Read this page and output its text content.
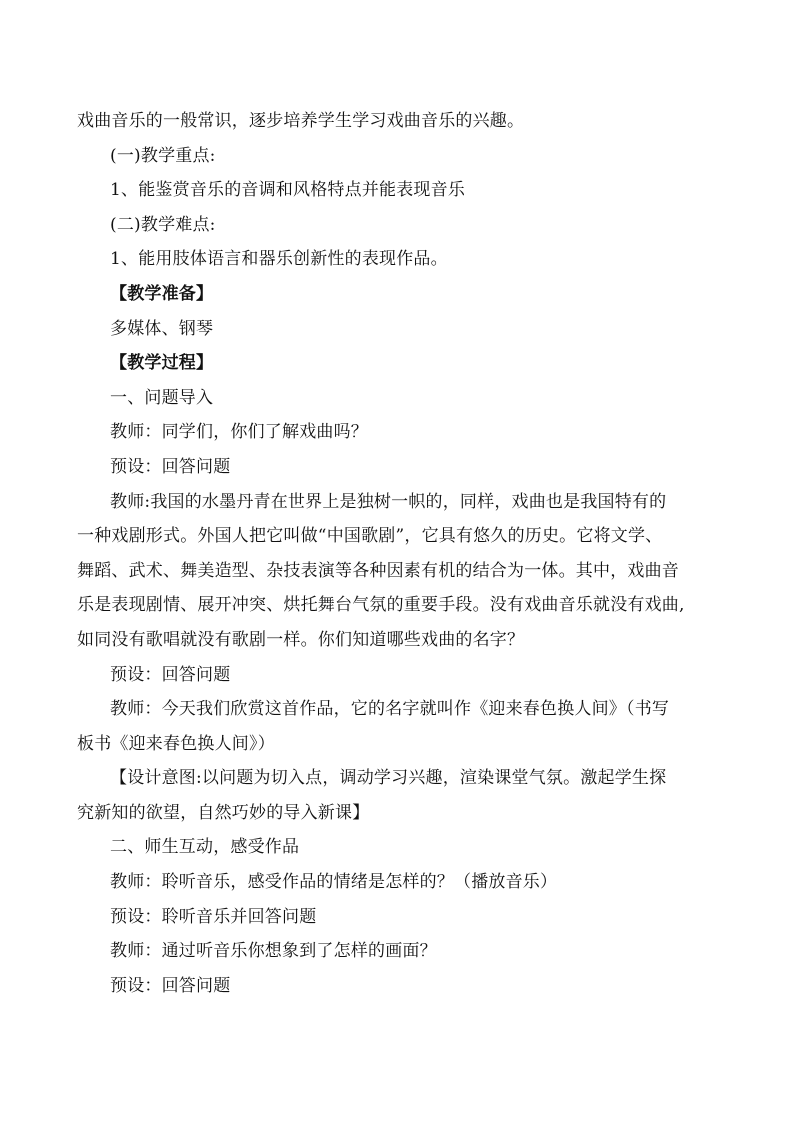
戏曲音乐的一般常识，逐步培养学生学习戏曲音乐的兴趣。
(一)教学重点:
1、能鉴赏音乐的音调和风格特点并能表现音乐
(二)教学难点:
1、能用肢体语言和器乐创新性的表现作品。
【教学准备】
多媒体、钢琴
【教学过程】
一、问题导入
教师：同学们，你们了解戏曲吗？
预设：回答问题
教师:我国的水墨丹青在世界上是独树一帜的，同样，戏曲也是我国特有的
一种戏剧形式。外国人把它叫做“中国歌剧”，它具有悠久的历史。它将文学、
舞蹈、武术、舞美造型、杂技表演等各种因素有机的结合为一体。其中，戏曲音
乐是表现剧情、展开冲突、烘托舞台气氛的重要手段。没有戏曲音乐就没有戏曲,
如同没有歌唱就没有歌剧一样。你们知道哪些戏曲的名字？
预设：回答问题
教师：今天我们欣赏这首作品，它的名字就叫作《迎来春色换人间》（书写
板书《迎来春色换人间》）
【设计意图:以问题为切入点，调动学习兴趣，渲染课堂气氛。激起学生探
究新知的欲望，自然巧妙的导入新课】
二、师生互动，感受作品
教师：聆听音乐，感受作品的情绪是怎样的？（播放音乐）
预设：聆听音乐并回答问题
教师：通过听音乐你想象到了怎样的画面？
预设：回答问题
